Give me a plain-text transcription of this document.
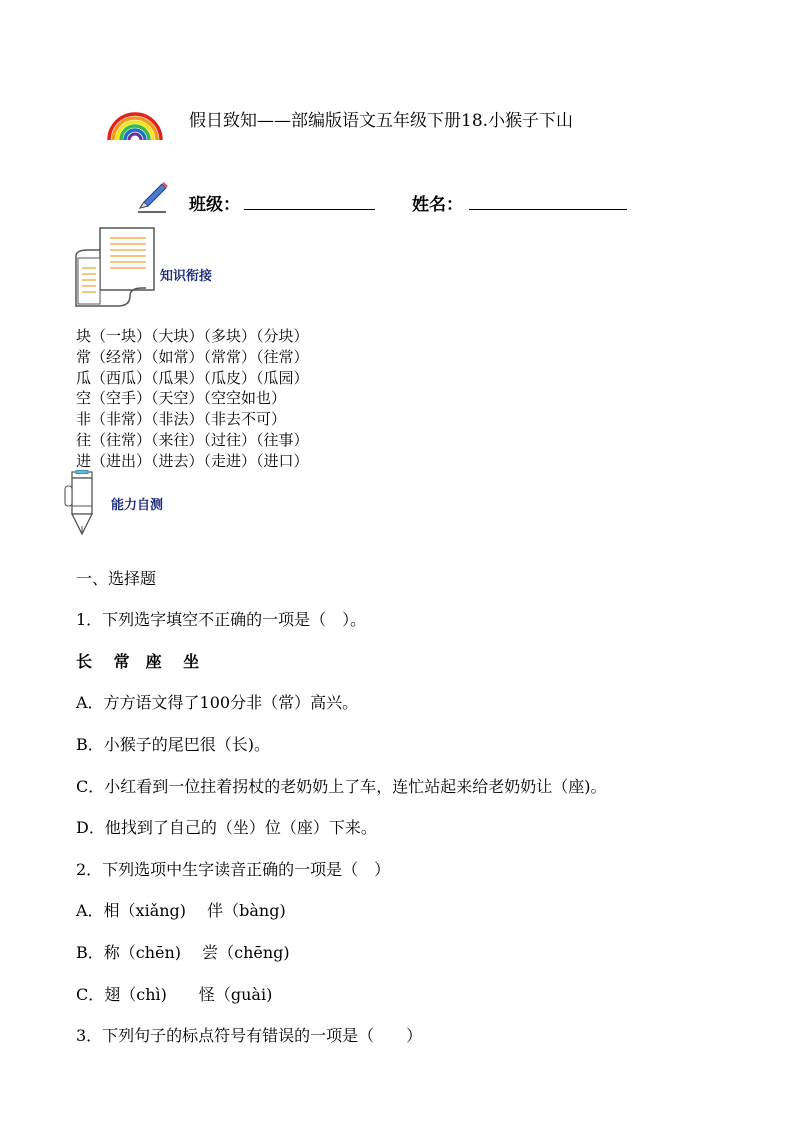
假日致知——部编版语文五年级下册18.小猴子下山
班级：	姓名：
知识衔接
块（一块）（大块）（多块）（分块）
常（经常）（如常）（常常）（往常）
瓜（西瓜）（瓜果）（瓜皮）（瓜园）
空（空手）（天空）（空空如也）
非（非常）（非法）（非去不可）
往（往常）（来往）（过往）（往事）
进（进出）（进去）（走进）（进口）
能力自测
一、选择题
1．下列选字填空不正确的一项是（　）。
长　 常　座　 坐
A．方方语文得了100分非（常）高兴。
B．小猴子的尾巴很（长)。
C．小红看到一位拄着拐杖的老奶奶上了车，连忙站起来给老奶奶让（座)。
D．他找到了自己的（坐）位（座）下来。
2．下列选项中生字读音正确的一项是（　）
A．相（xiǎng)　 伴（bàng)
B．称（chēn)　 尝（chēng)
C．翅（chì)　　怪（guài)
3．下列句子的标点符号有错误的一项是（　　）
